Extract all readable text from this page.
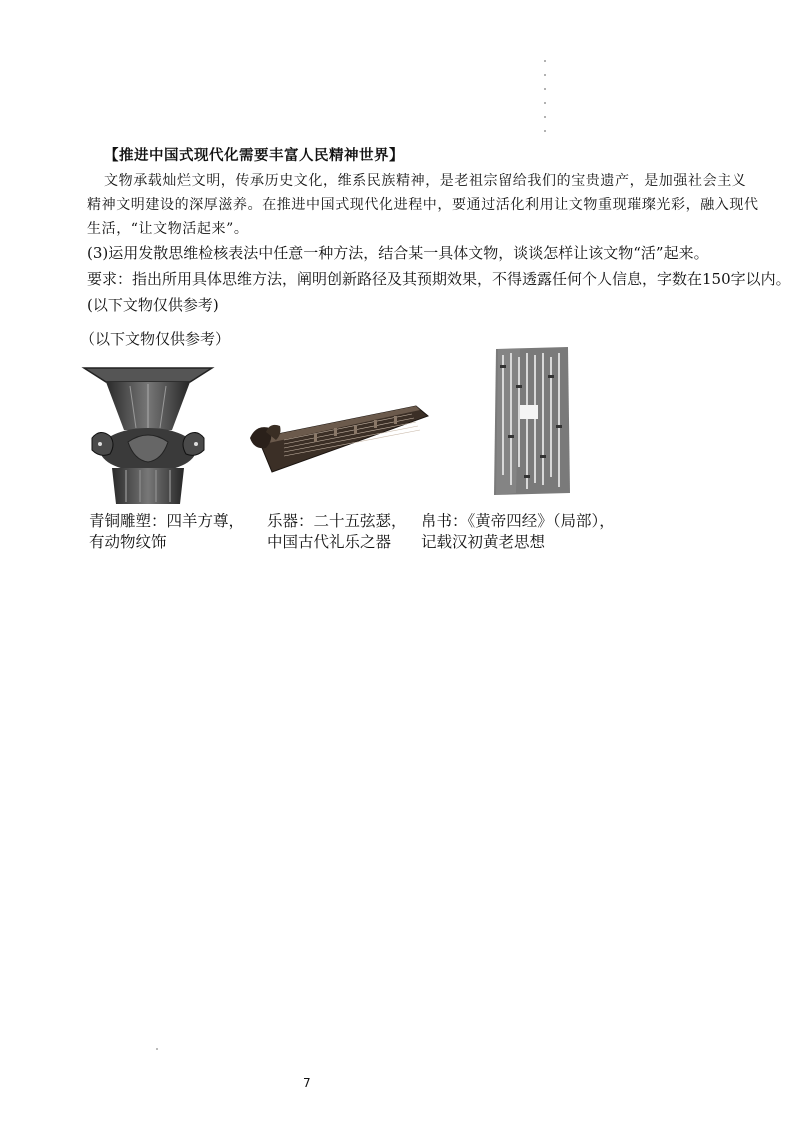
【推进中国式现代化需要丰富人民精神世界】
文物承载灿烂文明，传承历史文化，维系民族精神，是老祖宗留给我们的宝贵遗产，是加强社会主义
精神文明建设的深厚滋养。在推进中国式现代化进程中，要通过活化利用让文物重现璀璨光彩，融入现代
生活，“让文物活起来”。
(3)运用发散思维检核表法中任意一种方法，结合某一具体文物，谈谈怎样让该文物“活”起来。
要求：指出所用具体思维方法，阐明创新路径及其预期效果，不得透露任何个人信息，字数在150字以内。
(以下文物仅供参考)
（以下文物仅供参考）
青铜雕塑：四羊方尊，
有动物纹饰
乐器：二十五弦瑟，
中国古代礼乐之器
帛书：《黄帝四经》（局部），
记载汉初黄老思想
7
